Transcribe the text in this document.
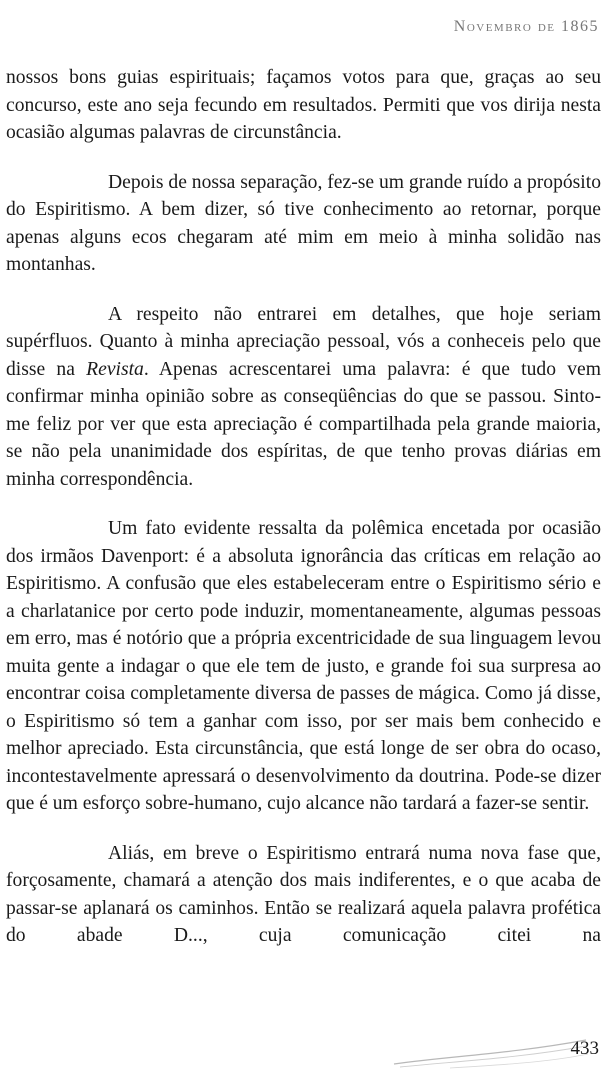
Novembro de 1865

nossos bons guias espirituais; façamos votos para que, graças ao seu concurso, este ano seja fecundo em resultados. Permiti que vos dirija nesta ocasião algumas palavras de circunstância.

Depois de nossa separação, fez-se um grande ruído a propósito do Espiritismo. A bem dizer, só tive conhecimento ao retornar, porque apenas alguns ecos chegaram até mim em meio à minha solidão nas montanhas.

A respeito não entrarei em detalhes, que hoje seriam supérfluos. Quanto à minha apreciação pessoal, vós a conheceis pelo que disse na Revista. Apenas acrescentarei uma palavra: é que tudo vem confirmar minha opinião sobre as conseqüências do que se passou. Sinto-me feliz por ver que esta apreciação é compartilhada pela grande maioria, se não pela unanimidade dos espíritas, de que tenho provas diárias em minha correspondência.

Um fato evidente ressalta da polêmica encetada por ocasião dos irmãos Davenport: é a absoluta ignorância das críticas em relação ao Espiritismo. A confusão que eles estabeleceram entre o Espiritismo sério e a charlatanice por certo pode induzir, momentaneamente, algumas pessoas em erro, mas é notório que a própria excentricidade de sua linguagem levou muita gente a indagar o que ele tem de justo, e grande foi sua surpresa ao encontrar coisa completamente diversa de passes de mágica. Como já disse, o Espiritismo só tem a ganhar com isso, por ser mais bem conhecido e melhor apreciado. Esta circunstância, que está longe de ser obra do ocaso, incontestavelmente apressará o desenvolvimento da doutrina. Pode-se dizer que é um esforço sobre-humano, cujo alcance não tardará a fazer-se sentir.

Aliás, em breve o Espiritismo entrará numa nova fase que, forçosamente, chamará a atenção dos mais indiferentes, e o que acaba de passar-se aplanará os caminhos. Então se realizará aquela palavra profética do abade D..., cuja comunicação citei na

433
